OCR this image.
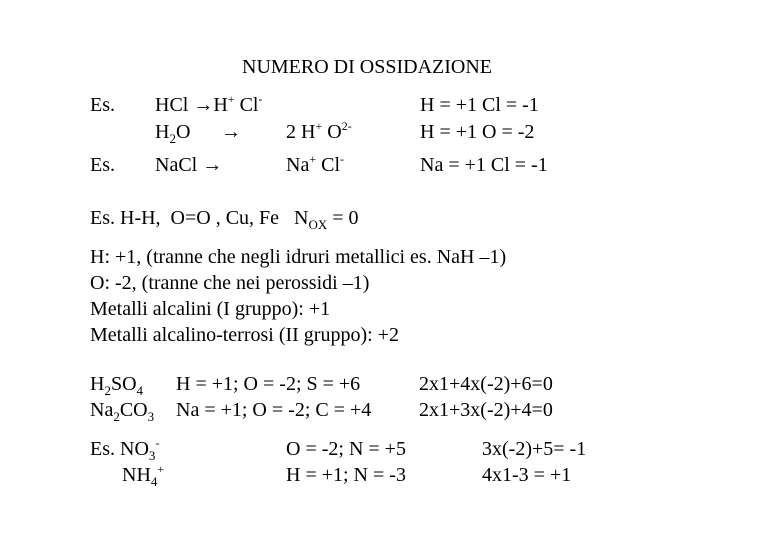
NUMERO DI OSSIDAZIONE
Es. HCl →H+ Cl-	H = +1 Cl = -1
$H_2O \to 2$ H+ $O^{2-}$	H = +1 O = -2
Es. NaCl →	Na+ Cl-	Na = +1 Cl = -1
Es. H-H,  O=O , Cu, Fe   $N_{OX} = 0$
H: +1, (tranne che negli idruri metallici es. NaH –1)
O: -2, (tranne che nei perossidi –1)
Metalli alcalini (I gruppo): +1
Metalli alcalino-terrosi (II gruppo): +2
$H_2SO_4$ H = +1; O = -2; S = +6	2x1+4x(-2)+6=0
$Na_2CO_3$ Na = +1; O = -2; C = +4 2x1+3x(-2)+4=0
Es. $NO_3^-$	O = -2; N = +5	3x(-2)+5= -1
$NH_4^+$	H = +1; N = -3	4x1-3 = +1
